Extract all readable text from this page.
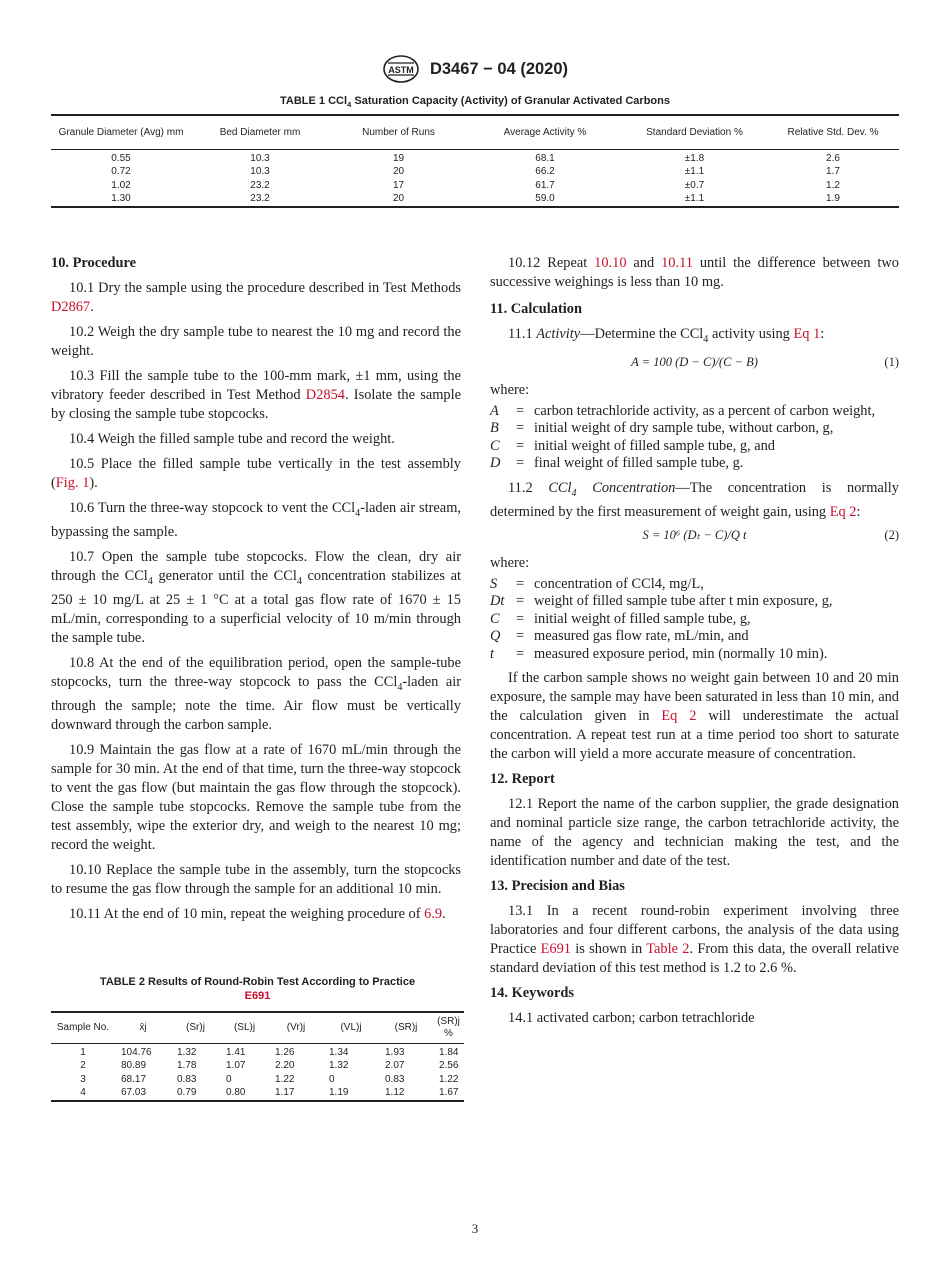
ASTM D3467 − 04 (2020)
TABLE 1 CCl$_4$ Saturation Capacity (Activity) of Granular Activated Carbons
Granule Diameter (Avg) mm	Bed Diameter mm	Number of Runs	Average Activity %	Standard Deviation %	Relative Std. Dev. %
0.55	10.3	19	68.1	±1.8	2.6
0.72	10.3	20	66.2	±1.1	1.7
1.02	23.2	17	61.7	±0.7	1.2
1.30	23.2	20	59.0	±1.1	1.9
10. Procedure

10.1 Dry the sample using the procedure described in Test Methods D2867.

10.2 Weigh the dry sample tube to nearest the 10 mg and record the weight.

10.3 Fill the sample tube to the 100-mm mark, ±1 mm, using the vibratory feeder described in Test Method D2854. Isolate the sample by closing the sample tube stopcocks.

10.4 Weigh the filled sample tube and record the weight.

10.5 Place the filled sample tube vertically in the test assembly (Fig. 1).

10.6 Turn the three-way stopcock to vent the CCl$_4$-laden air stream, bypassing the sample.

10.7 Open the sample tube stopcocks. Flow the clean, dry air through the CCl$_4$ generator until the CCl$_4$ concentration stabilizes at 250 ± 10 mg/L at 25 ± 1 °C at a total gas flow rate of 1670 ± 15 mL/min, corresponding to a superficial velocity of 10 m/min through the sample tube.

10.8 At the end of the equilibration period, open the sample-tube stopcocks, turn the three-way stopcock to pass the CCl$_4$-laden air through the sample; note the time. Air flow must be vertically downward through the carbon sample.

10.9 Maintain the gas flow at a rate of 1670 mL/min through the sample for 30 min. At the end of that time, turn the three-way stopcock to vent the gas flow (but maintain the gas flow through the stopcock). Close the sample tube stopcocks. Remove the sample tube from the test assembly, wipe the exterior dry, and weigh to the nearest 10 mg; record the weight.

10.10 Replace the sample tube in the assembly, turn the stopcocks to resume the gas flow through the sample for an additional 10 min.

10.11 At the end of 10 min, repeat the weighing procedure of 6.9.

TABLE 2 Results of Round-Robin Test According to Practice
E691
Sample No.	x̄j	(Sr)j	(SL)j	(Vr)j	(VL)j	(SR)j	(SR)j %
1	104.76	1.32	1.41	1.26	1.34	1.93	1.84
2	80.89	1.78	1.07	2.20	1.32	2.07	2.56
3	68.17	0.83	0	1.22	0	0.83	1.22
4	67.03	0.79	0.80	1.17	1.19	1.12	1.67

10.12 Repeat 10.10 and 10.11 until the difference between two successive weighings is less than 10 mg.

11. Calculation

11.1 Activity—Determine the CCl$_4$ activity using Eq 1:

A = 100 (D − C)/(C − B)	(1)
where:
A	= carbon tetrachloride activity, as a percent of carbon weight,
B	= initial weight of dry sample tube, without carbon, g,
C	= initial weight of filled sample tube, g, and
D	= final weight of filled sample tube, g.

11.2 CCl$_4$ Concentration—The concentration is normally determined by the first measurement of weight gain, using Eq 2:

S = 10⁶ (Dₜ − C)/Q t	(2)
where:
S	= concentration of CCl4, mg/L,
Dt = weight of filled sample tube after t min exposure, g,
C	= initial weight of filled sample tube, g,
Q	= measured gas flow rate, mL/min, and
t	= measured exposure period, min (normally 10 min).

If the carbon sample shows no weight gain between 10 and 20 min exposure, the sample may have been saturated in less than 10 min, and the calculation given in Eq 2 will underestimate the actual concentration. A repeat test run at a time period too short to saturate the carbon will yield a more accurate measure of concentration.

12. Report

12.1 Report the name of the carbon supplier, the grade designation and nominal particle size range, the carbon tetrachloride activity, the name of the agency and technician making the test, and the identification number and date of the test.

13. Precision and Bias

13.1 In a recent round-robin experiment involving three laboratories and four different carbons, the analysis of the data using Practice E691 is shown in Table 2. From this data, the overall relative standard deviation of this test method is 1.2 to 2.6 %.

14. Keywords

14.1 activated carbon; carbon tetrachloride

3
